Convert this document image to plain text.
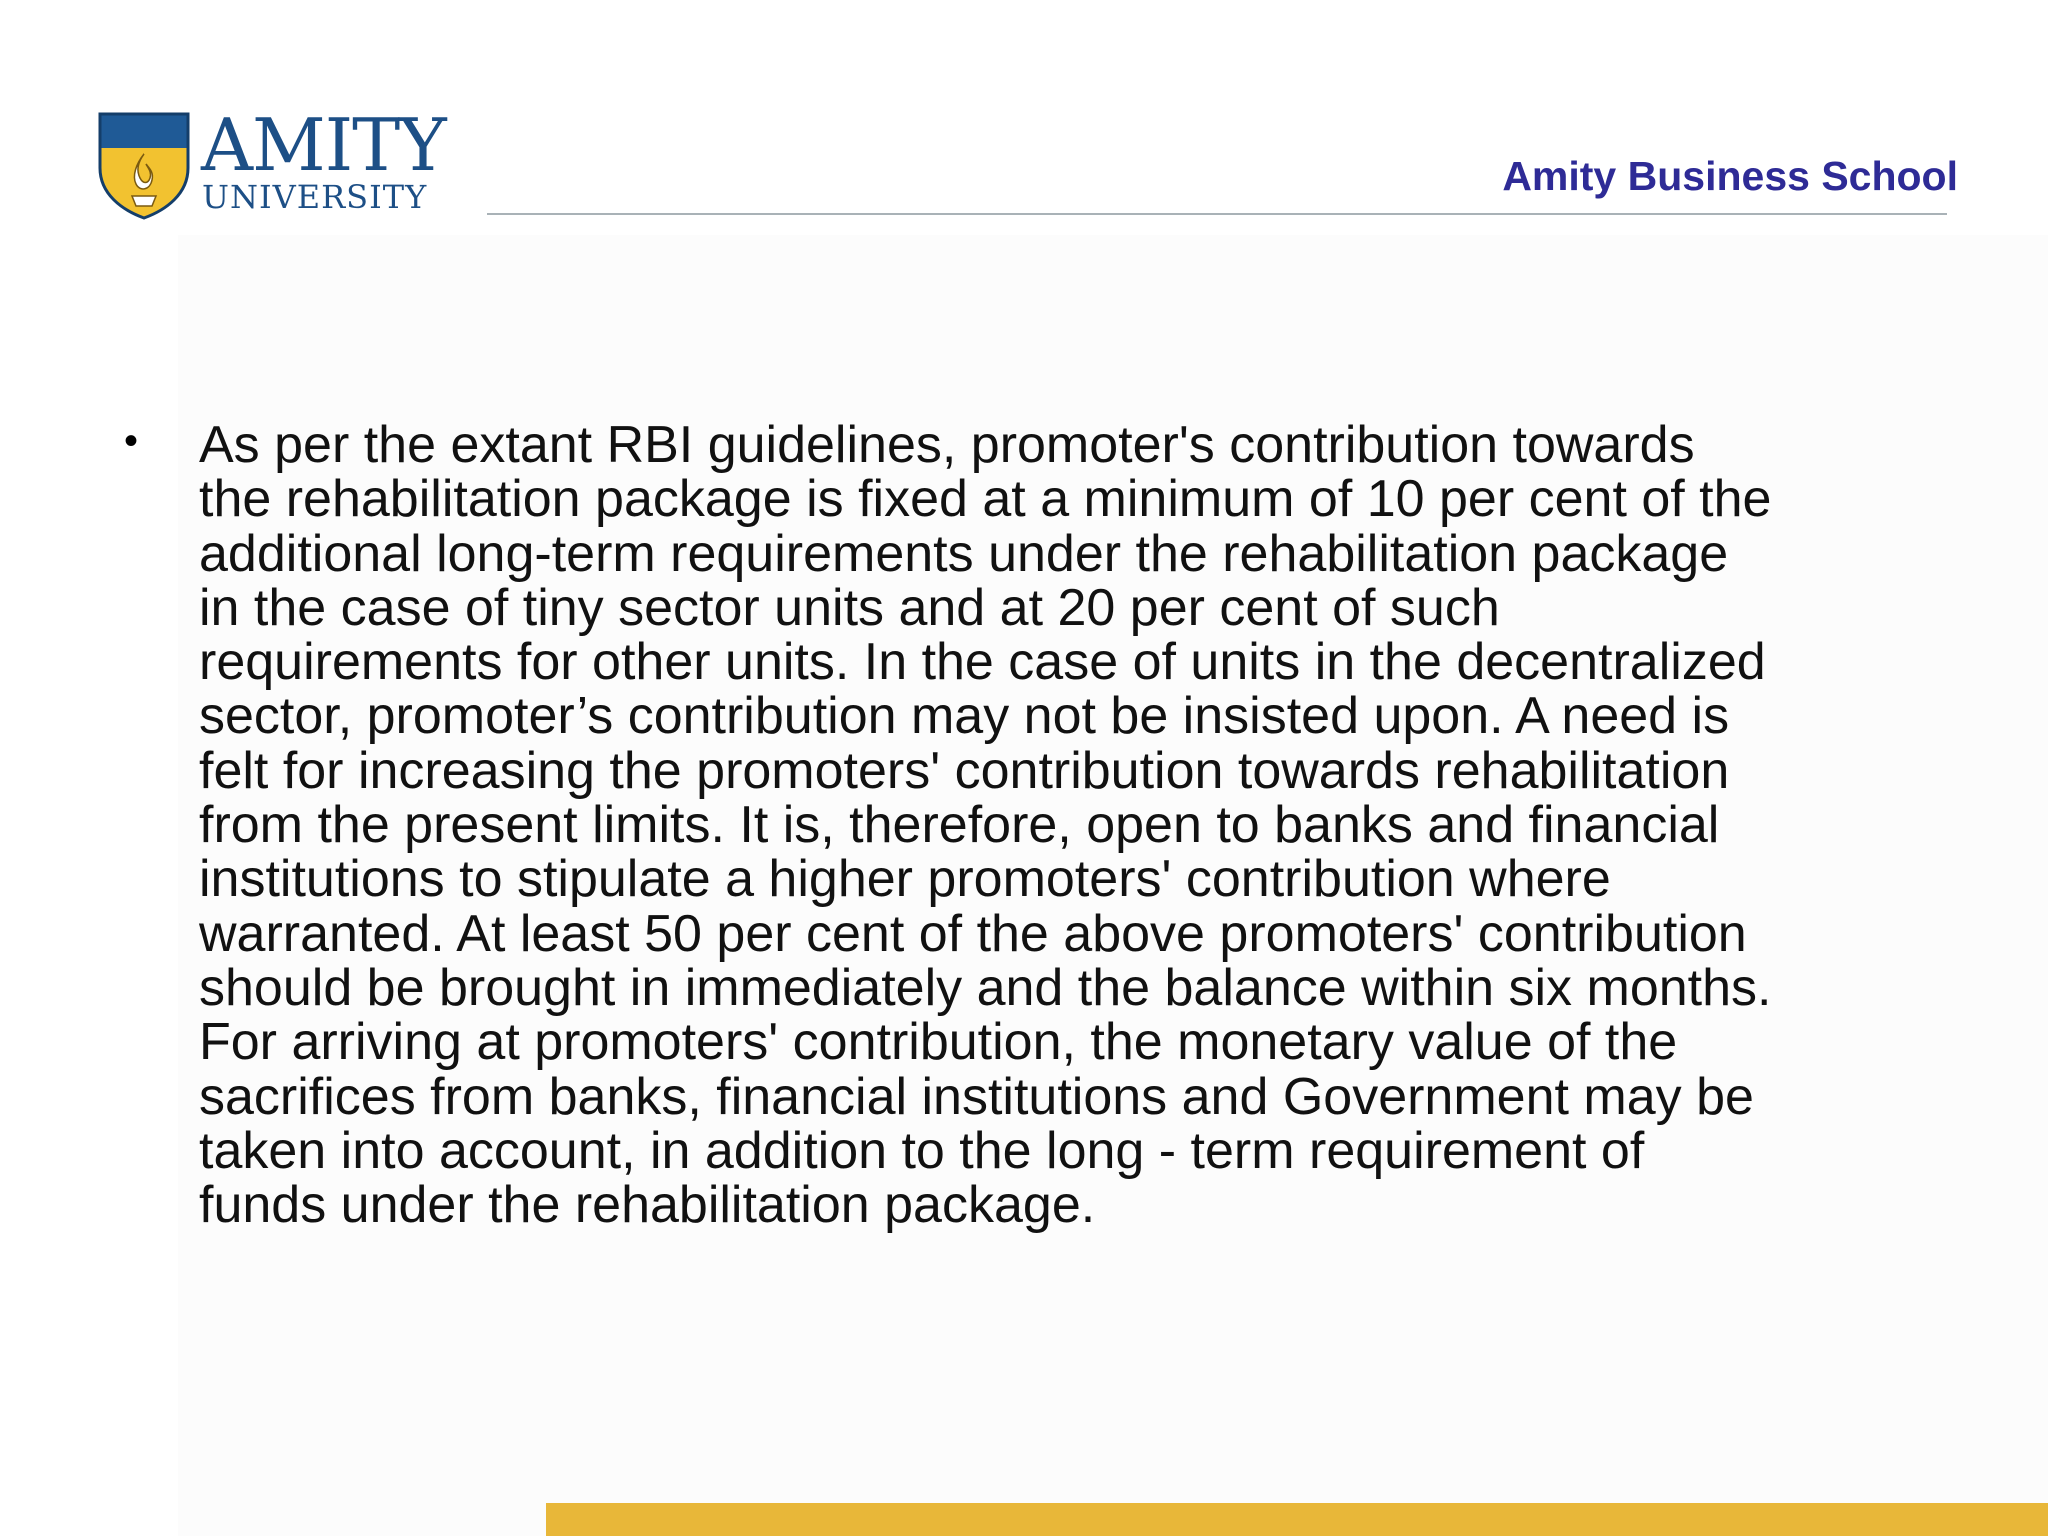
AMITY
UNIVERSITY	Amity Business School
• As per the extant RBI guidelines, promoter's contribution towards
the rehabilitation package is fixed at a minimum of 10 per cent of the
additional long-term requirements under the rehabilitation package
in the case of tiny sector units and at 20 per cent of such
requirements for other units. In the case of units in the decentralized
sector, promoter’s contribution may not be insisted upon. A need is
felt for increasing the promoters' contribution towards rehabilitation
from the present limits. It is, therefore, open to banks and financial
institutions to stipulate a higher promoters' contribution where
warranted. At least 50 per cent of the above promoters' contribution
should be brought in immediately and the balance within six months.
For arriving at promoters' contribution, the monetary value of the
sacrifices from banks, financial institutions and Government may be
taken into account, in addition to the long - term requirement of
funds under the rehabilitation package.
